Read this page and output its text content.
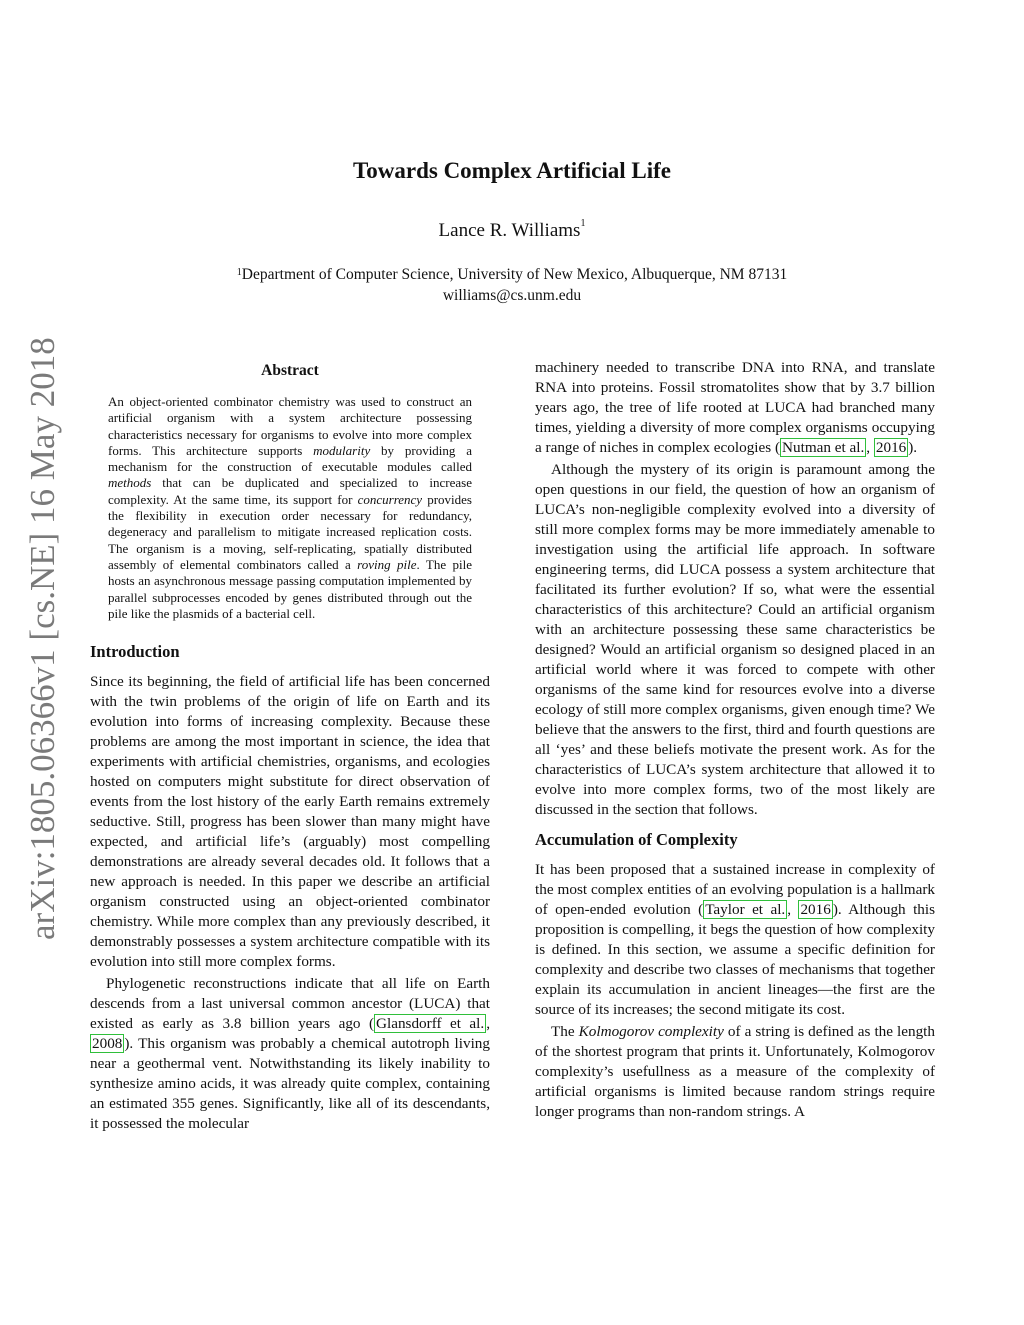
arXiv:1805.06366v1 [cs.NE] 16 May 2018
Towards Complex Artificial Life
Lance R. Williams$^1$
$^1$Department of Computer Science, University of New Mexico, Albuquerque, NM 87131
williams@cs.unm.edu
Abstract

An object-oriented combinator chemistry was used to construct an artificial organism with a system architecture possessing characteristics necessary for organisms to evolve into more complex forms. This architecture supports modularity by providing a mechanism for the construction of executable modules called methods that can be duplicated and specialized to increase complexity. At the same time, its support for concurrency provides the flexibility in execution order necessary for redundancy, degeneracy and parallelism to mitigate increased replication costs. The organism is a moving, self-replicating, spatially distributed assembly of elemental combinators called a roving pile. The pile hosts an asynchronous message passing computation implemented by parallel subprocesses encoded by genes distributed through out the pile like the plasmids of a bacterial cell.

Introduction

Since its beginning, the field of artificial life has been concerned with the twin problems of the origin of life on Earth and its evolution into forms of increasing complexity. Because these problems are among the most important in science, the idea that experiments with artificial chemistries, organisms, and ecologies hosted on computers might substitute for direct observation of events from the lost history of the early Earth remains extremely seductive. Still, progress has been slower than many might have expected, and artificial life’s (arguably) most compelling demonstrations are already several decades old. It follows that a new approach is needed. In this paper we describe an artificial organism constructed using an object-oriented combinator chemistry. While more complex than any previously described, it demonstrably possesses a system architecture compatible with its evolution into still more complex forms.

Phylogenetic reconstructions indicate that all life on Earth descends from a last universal common ancestor (LUCA) that existed as early as 3.8 billion years ago ( Glansdorff et al. , 2008 ). This organism was probably a chemical autotroph living near a geothermal vent. Notwithstanding its likely inability to synthesize amino acids, it was already quite complex, containing an estimated 355 genes. Significantly, like all of its descendants, it possessed the molecular

machinery needed to transcribe DNA into RNA, and translate RNA into proteins. Fossil stromatolites show that by 3.7 billion years ago, the tree of life rooted at LUCA had branched many times, yielding a diversity of more complex organisms occupying a range of niches in complex ecologies ( Nutman et al. , 2016 ).

Although the mystery of its origin is paramount among the open questions in our field, the question of how an organism of LUCA’s non-negligible complexity evolved into a diversity of still more complex forms may be more immediately amenable to investigation using the artificial life approach. In software engineering terms, did LUCA possess a system architecture that facilitated its further evolution? If so, what were the essential characteristics of this architecture? Could an artificial organism with an architecture possessing these same characteristics be designed? Would an artificial organism so designed placed in an artificial world where it was forced to compete with other organisms of the same kind for resources evolve into a diverse ecology of still more complex organisms, given enough time? We believe that the answers to the first, third and fourth questions are all ‘yes’ and these beliefs motivate the present work. As for the characteristics of LUCA’s system architecture that allowed it to evolve into more complex forms, two of the most likely are discussed in the section that follows.

Accumulation of Complexity

It has been proposed that a sustained increase in complexity of the most complex entities of an evolving population is a hallmark of open-ended evolution ( Taylor et al. , 2016 ). Although this proposition is compelling, it begs the question of how complexity is defined. In this section, we assume a specific definition for complexity and describe two classes of mechanisms that together explain its accumulation in ancient lineages—the first are the source of its increases; the second mitigate its cost.

The Kolmogorov complexity of a string is defined as the length of the shortest program that prints it. Unfortunately, Kolmogorov complexity’s usefullness as a measure of the complexity of artificial organisms is limited because random strings require longer programs than non-random strings. A
